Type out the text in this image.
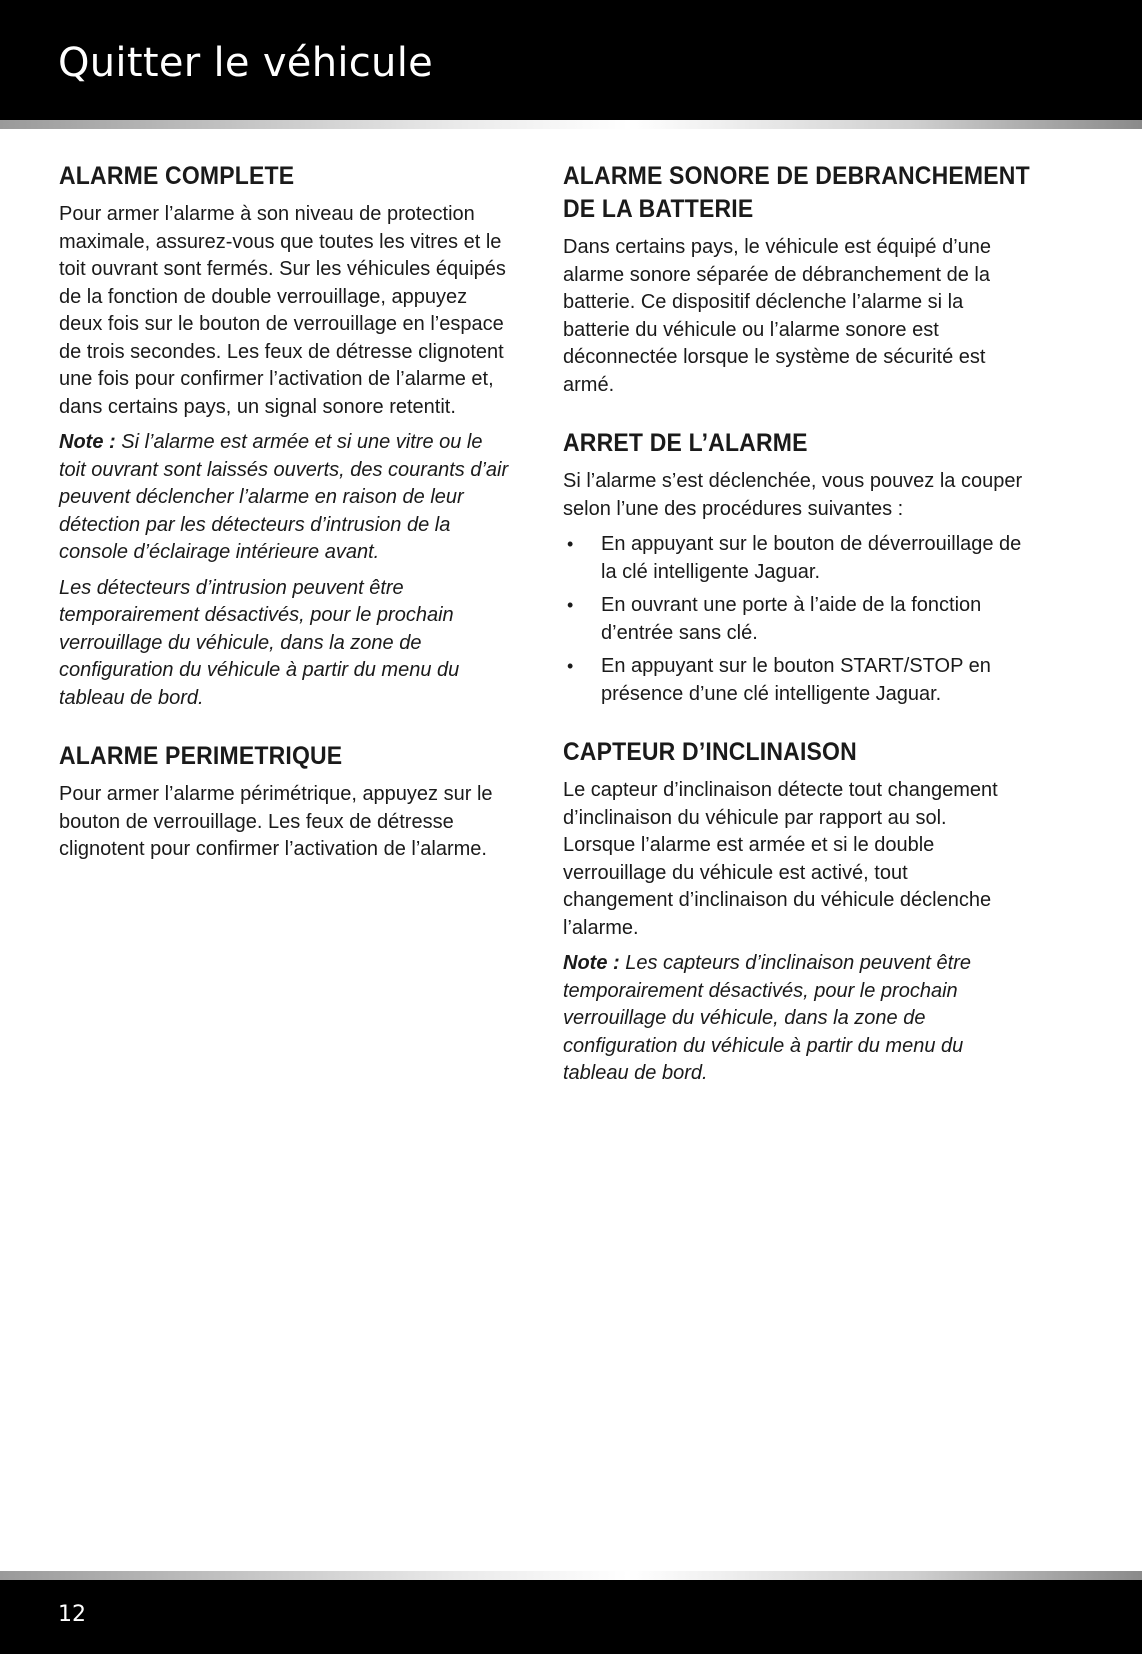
Quitter le véhicule
ALARME COMPLETE

Pour armer l’alarme à son niveau de protection maximale, assurez-vous que toutes les vitres et le toit ouvrant sont fermés. Sur les véhicules équipés de la fonction de double verrouillage, appuyez deux fois sur le bouton de verrouillage en l’espace de trois secondes. Les feux de détresse clignotent une fois pour confirmer l’activation de l’alarme et, dans certains pays, un signal sonore retentit.

Note : Si l’alarme est armée et si une vitre ou le toit ouvrant sont laissés ouverts, des courants d’air peuvent déclencher l’alarme en raison de leur détection par les détecteurs d’intrusion de la console d’éclairage intérieure avant.

Les détecteurs d’intrusion peuvent être temporairement désactivés, pour le prochain verrouillage du véhicule, dans la zone de configuration du véhicule à partir du menu du tableau de bord.

ALARME PERIMETRIQUE

Pour armer l’alarme périmétrique, appuyez sur le bouton de verrouillage. Les feux de détresse clignotent pour confirmer l’activation de l’alarme.

ALARME SONORE DE DEBRANCHEMENT
DE LA BATTERIE

Dans certains pays, le véhicule est équipé d’une alarme sonore séparée de débranchement de la batterie. Ce dispositif déclenche l’alarme si la batterie du véhicule ou l’alarme sonore est déconnectée lorsque le système de sécurité est armé.

ARRET DE L’ALARME

Si l’alarme s’est déclenchée, vous pouvez la couper selon l’une des procédures suivantes :

• En appuyant sur le bouton de déverrouillage de la clé intelligente Jaguar.
• En ouvrant une porte à l’aide de la fonction d’entrée sans clé.
• En appuyant sur le bouton START/STOP en présence d’une clé intelligente Jaguar.
CAPTEUR D’INCLINAISON

Le capteur d’inclinaison détecte tout changement d’inclinaison du véhicule par rapport au sol. Lorsque l’alarme est armée et si le double verrouillage du véhicule est activé, tout changement d’inclinaison du véhicule déclenche l’alarme.

Note : Les capteurs d’inclinaison peuvent être temporairement désactivés, pour le prochain verrouillage du véhicule, dans la zone de configuration du véhicule à partir du menu du tableau de bord.

12
